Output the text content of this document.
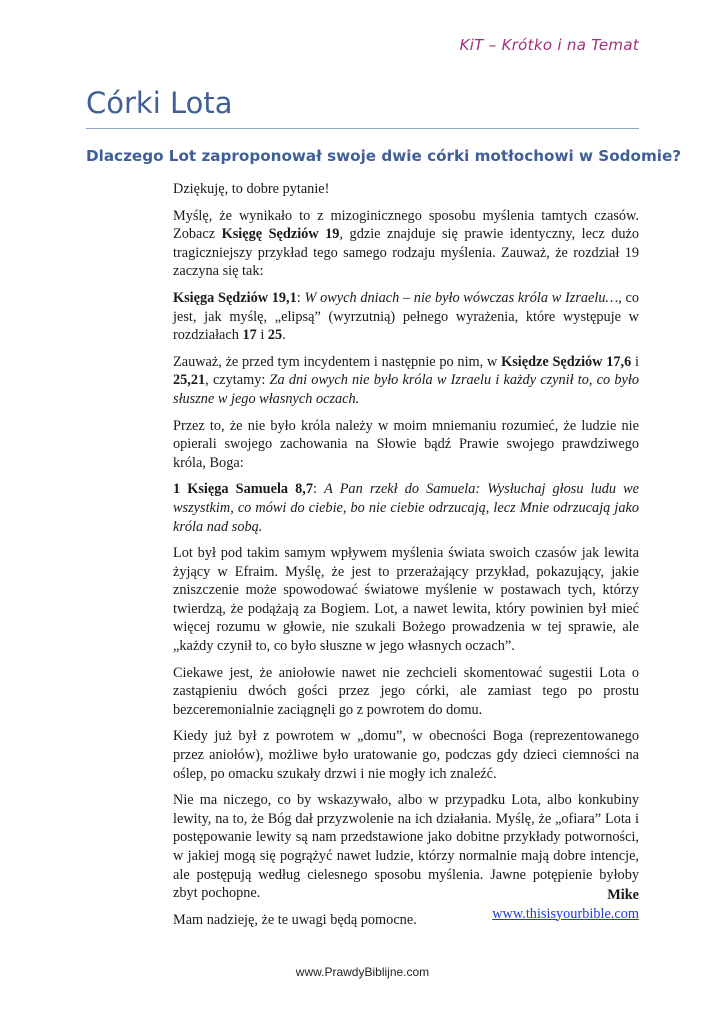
KiT – Krótko i na Temat
Córki Lota
Dlaczego Lot zaproponował swoje dwie córki motłochowi w Sodomie?

Dziękuję, to dobre pytanie!

Myślę, że wynikało to z mizoginicznego sposobu myślenia tamtych czasów. Zobacz Księgę Sędziów 19, gdzie znajduje się prawie identyczny, lecz dużo tragiczniejszy przykład tego samego rodzaju myślenia. Zauważ, że rozdział 19 zaczyna się tak:

Księga Sędziów 19,1: W owych dniach – nie było wówczas króla w Izraelu…, co jest, jak myślę, „elipsą” (wyrzutnią) pełnego wyrażenia, które występuje w rozdziałach 17 i 25.

Zauważ, że przed tym incydentem i następnie po nim, w Księdze Sędziów 17,6 i 25,21, czytamy: Za dni owych nie było króla w Izraelu i każdy czynił to, co było słuszne w jego własnych oczach.

Przez to, że nie było króla należy w moim mniemaniu rozumieć, że ludzie nie opierali swojego zachowania na Słowie bądź Prawie swojego prawdziwego króla, Boga:

1 Księga Samuela 8,7: A Pan rzekł do Samuela: Wysłuchaj głosu ludu we wszystkim, co mówi do ciebie, bo nie ciebie odrzucają, lecz Mnie odrzucają jako króla nad sobą.

Lot był pod takim samym wpływem myślenia świata swoich czasów jak lewita żyjący w Efraim. Myślę, że jest to przerażający przykład, pokazujący, jakie zniszczenie może spowodować światowe myślenie w postawach tych, którzy twierdzą, że podążają za Bogiem. Lot, a nawet lewita, który powinien był mieć więcej rozumu w głowie, nie szukali Bożego prowadzenia w tej sprawie, ale „każdy czynił to, co było słuszne w jego własnych oczach”.

Ciekawe jest, że aniołowie nawet nie zechcieli skomentować sugestii Lota o zastąpieniu dwóch gości przez jego córki, ale zamiast tego po prostu bezceremonialnie zaciągnęli go z powrotem do domu.

Kiedy już był z powrotem w „domu”, w obecności Boga (reprezentowanego przez aniołów), możliwe było uratowanie go, podczas gdy dzieci ciemności na oślep, po omacku szukały drzwi i nie mogły ich znaleźć.

Nie ma niczego, co by wskazywało, albo w przypadku Lota, albo konkubiny lewity, na to, że Bóg dał przyzwolenie na ich działania. Myślę, że „ofiara” Lota i postępowanie lewity są nam przedstawione jako dobitne przykłady potworności, w jakiej mogą się pogrążyć nawet ludzie, którzy normalnie mają dobre intencje, ale postępują według cielesnego sposobu myślenia. Jawne potępienie byłoby zbyt pochopne.

Mam nadzieję, że te uwagi będą pomocne.

Mike
www.thisisyourbible.com
www.PrawdyBiblijne.com
